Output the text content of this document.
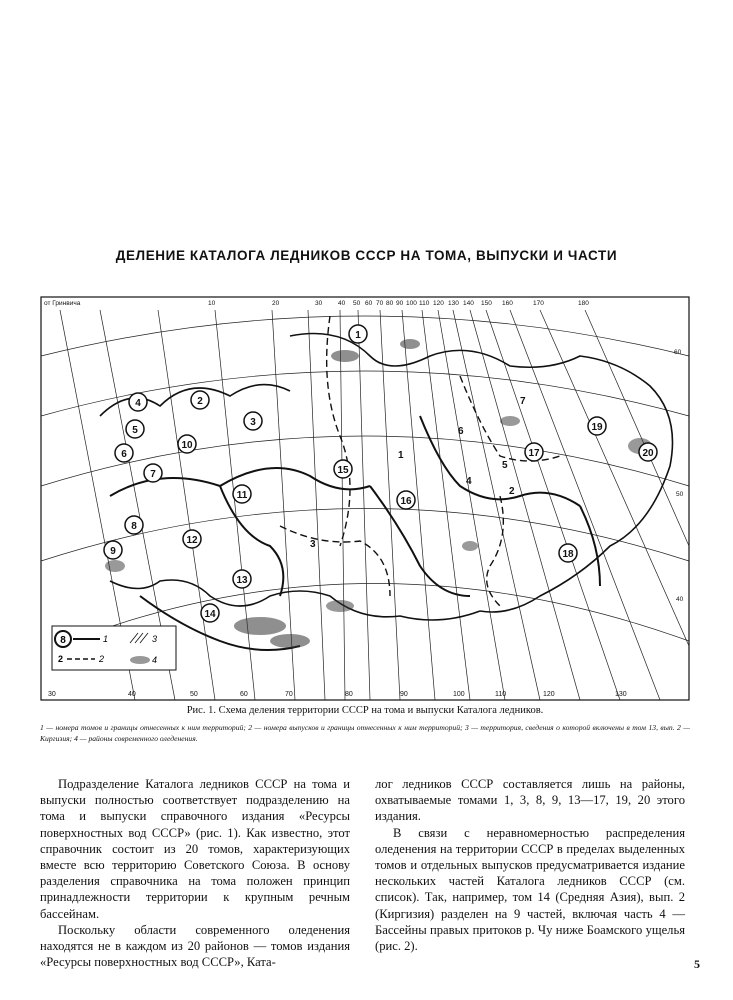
ДЕЛЕНИЕ КАТАЛОГА ЛЕДНИКОВ СССР НА ТОМА, ВЫПУСКИ И ЧАСТИ
от Гринвича	10	20	30 40 50 60 70 80 90 100 110 120 130 140 150 160	170	180
30	40	50	60	70	80	90	100	110	120	130
60
50
40
1
2
3
4
5
6
7
8
9
10
11
12
13
14
15
16
17
18
19
20
1
2
3
4
5
6
7
8	1
2	2
3
4
Рис. 1. Схема деления территории СССР на тома и выпуски Каталога ледников.
1 — номера томов и границы отнесенных к ним территорий; 2 — номера выпусков и границы отнесенных к ним территорий; 3 — территория, сведения о которой включены в том 13, вып. 2 — Киргизия; 4 — районы современного оледенения.

Подразделение Каталога ледников СССР на тома и выпуски полностью соответствует подразделению на тома и выпуски справочного издания «Ресурсы поверхностных вод СССР» (рис. 1). Как известно, этот справочник состоит из 20 томов, характеризующих вместе всю территорию Советского Союза. В основу разделения справочника на тома положен принцип принадлежности территории к крупным речным бассейнам.

Поскольку области современного оледенения находятся не в каждом из 20 районов — томов издания «Ресурсы поверхностных вод СССР», Ката-

лог ледников СССР составляется лишь на районы, охватываемые томами 1, 3, 8, 9, 13—17, 19, 20 этого издания.

В связи с неравномерностью распределения оледенения на территории СССР в пределах выделенных томов и отдельных выпусков предусматривается издание нескольких частей Каталога ледников СССР (см. список). Так, например, том 14 (Средняя Азия), вып. 2 (Киргизия) разделен на 9 частей, включая часть 4 — Бассейны правых притоков р. Чу ниже Боамского ущелья (рис. 2).

5
